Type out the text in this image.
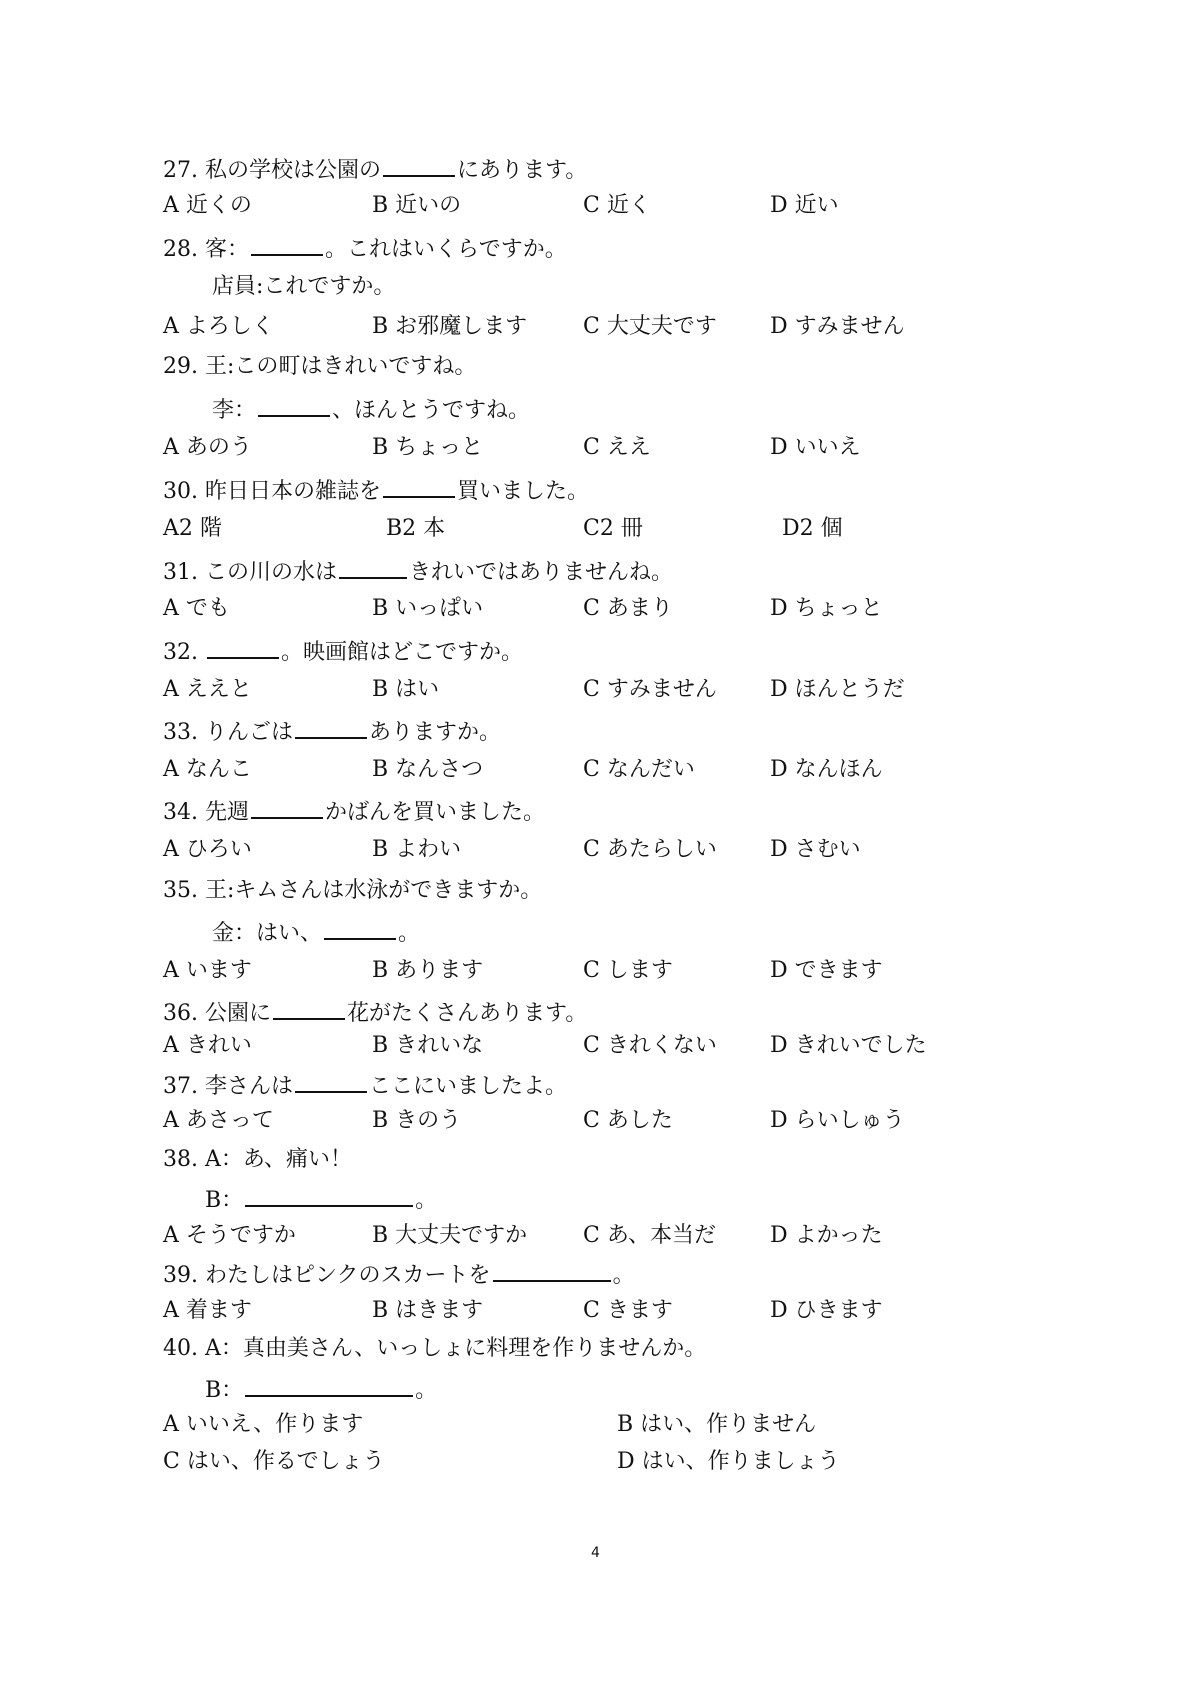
27. 私の学校は公園の	にあります。
A 近くの	B 近いの	C 近く	D 近い
28. 客：	。これはいくらですか。
店員:これですか。
A よろしく	B お邪魔します	C 大丈夫です D すみません
29. 王:この町はきれいですね。
李：	、ほんとうですね。
A あのう	B ちょっと	C ええ	D いいえ
30. 昨日日本の雑誌を	買いました。
A2 階	B2 本	C2 冊	D2 個
31. この川の水は	きれいではありませんね。
A でも	B いっぱい	C あまり	D ちょっと
32.	。映画館はどこですか。
A ええと	B はい	C すみません D ほんとうだ
33. りんごは	ありますか。
A なんこ	B なんさつ	C なんだい	D なんほん
34. 先週	かばんを買いました。
A ひろい	B よわい	C あたらしい D さむい
35. 王:キムさんは水泳ができますか。
金：はい、	。
A います	B あります	C します	D できます
36. 公園に	花がたくさんあります。
A きれい	B きれいな	C きれくない D きれいでした
37. 李さんは	ここにいましたよ。
A あさって	B きのう	C あした	D らいしゅう
38. A：あ、痛い！
B：	。
A そうですか	B 大丈夫ですか	C あ、本当だ D よかった
39. わたしはピンクのスカートを	。
A 着ます	B はきます	C きます	D ひきます
40. A：真由美さん、いっしょに料理を作りませんか。
B：	。
A いいえ、作ります	B はい、作りません
C はい、作るでしょう	D はい、作りましょう
4
